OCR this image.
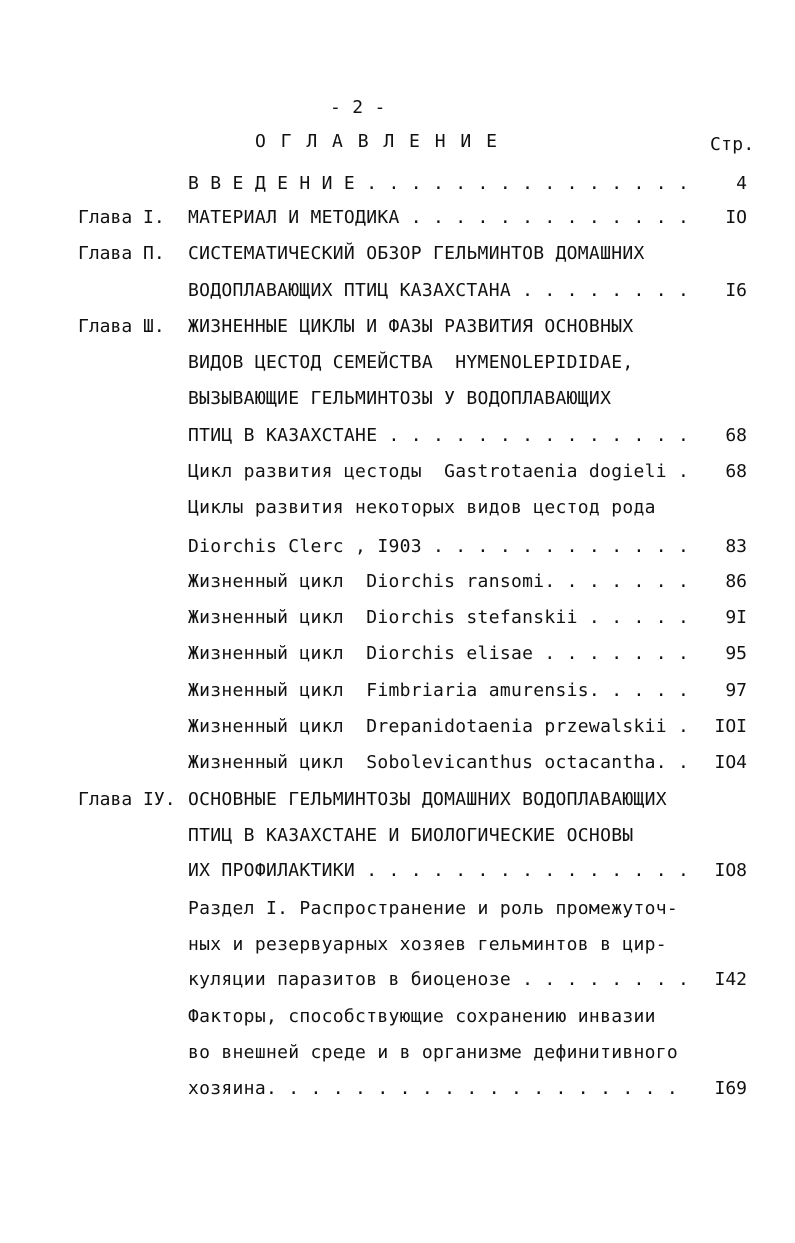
- 2 -
О Г Л А В Л Е Н И Е	Стр.
В В Е Д Е Н И Е . . . . . . . . . . . . . . .	4
Глава I. МАТЕРИАЛ И МЕТОДИКА . . . . . . . . . . . . . IO
Глава П. СИСТЕМАТИЧЕСКИЙ ОБЗОР ГЕЛЬМИНТОВ ДОМАШНИХ
ВОДОПЛАВАЮЩИХ ПТИЦ КАЗАХСТАНА . . . . . . . . I6
Глава Ш. ЖИЗНЕННЫЕ ЦИКЛЫ И ФАЗЫ РАЗВИТИЯ ОСНОВНЫХ
ВИДОВ ЦЕСТОД СЕМЕЙСТВА  HYMENOLEPIDIDAE,
ВЫЗЫВАЮЩИЕ ГЕЛЬМИНТОЗЫ У ВОДОПЛАВАЮЩИХ
ПТИЦ В КАЗАХСТАНЕ . . . . . . . . . . . . . . 68
Цикл развития цестоды  Gastrotaenia dogieli . 68
Циклы развития некоторых видов цестод рода
Diorchis Clerc , I903 . . . . . . . . . . . . 83
Жизненный цикл  Diorchis ransomi. . . . . . . 86
Жизненный цикл  Diorchis stefanskii . . . . . 9I
Жизненный цикл  Diorchis elisae . . . . . . . 95
Жизненный цикл  Fimbriaria amurensis. . . . . 97
Жизненный цикл  Drepanidotaenia przewalskii . IOI
Жизненный цикл  Sobolevicanthus octacantha. . IO4
Глава IУ. ОСНОВНЫЕ ГЕЛЬМИНТОЗЫ ДОМАШНИХ ВОДОПЛАВАЮЩИХ
ПТИЦ В КАЗАХСТАНЕ И БИОЛОГИЧЕСКИЕ ОСНОВЫ
ИХ ПРОФИЛАКТИКИ . . . . . . . . . . . . . . . IO8
Раздел I. Распространение и роль промежуточ-
ных и резервуарных хозяев гельминтов в цир-
куляции паразитов в биоценозе . . . . . . . . I42
Факторы, способствующие сохранению инвазии
во внешней среде и в организме дефинитивного
хозяина. . . . . . . . . . . . . . . . . . . I69
